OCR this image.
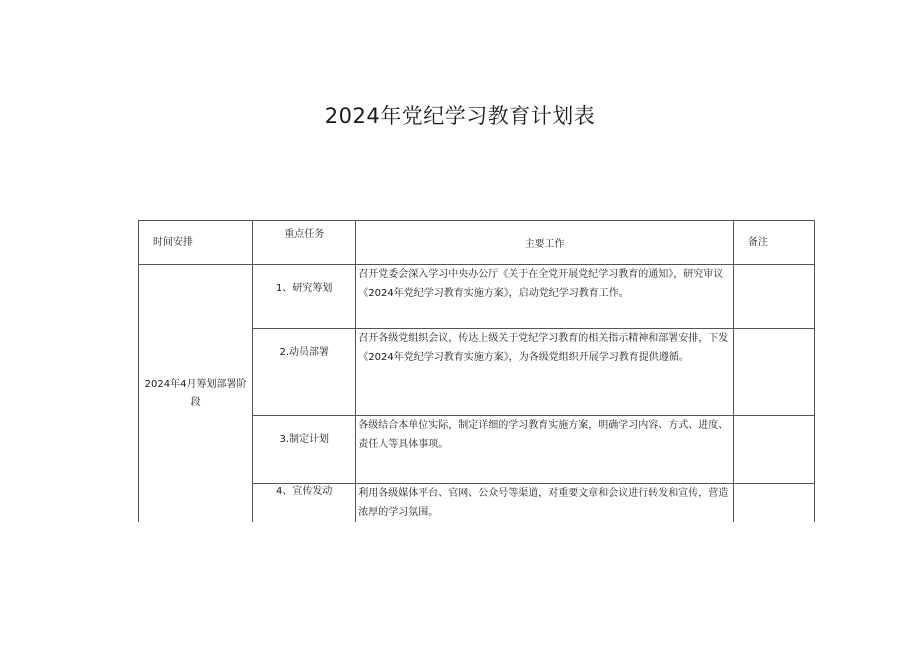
2024年党纪学习教育计划表
时间安排	重点任务	主要工作	备注
2024年4月筹划部署阶段	1、研究筹划	召开党委会深入学习中央办公厅《关于在全党开展党纪学习教育的通知》，研究审议《2024年党纪学习教育实施方案》，启动党纪学习教育工作。	
	2.动员部署	召开各级党组织会议，传达上级关于党纪学习教育的相关指示精神和部署安排，下发《2024年党纪学习教育实施方案》，为各级党组织开展学习教育提供遵循。	
	3.制定计划	各级结合本单位实际，制定详细的学习教育实施方案，明确学习内容、方式、进度、责任人等具体事项。	
	4、宣传发动	利用各级媒体平台、官网、公众号等渠道，对重要文章和会议进行转发和宣传，营造浓厚的学习氛围。	
